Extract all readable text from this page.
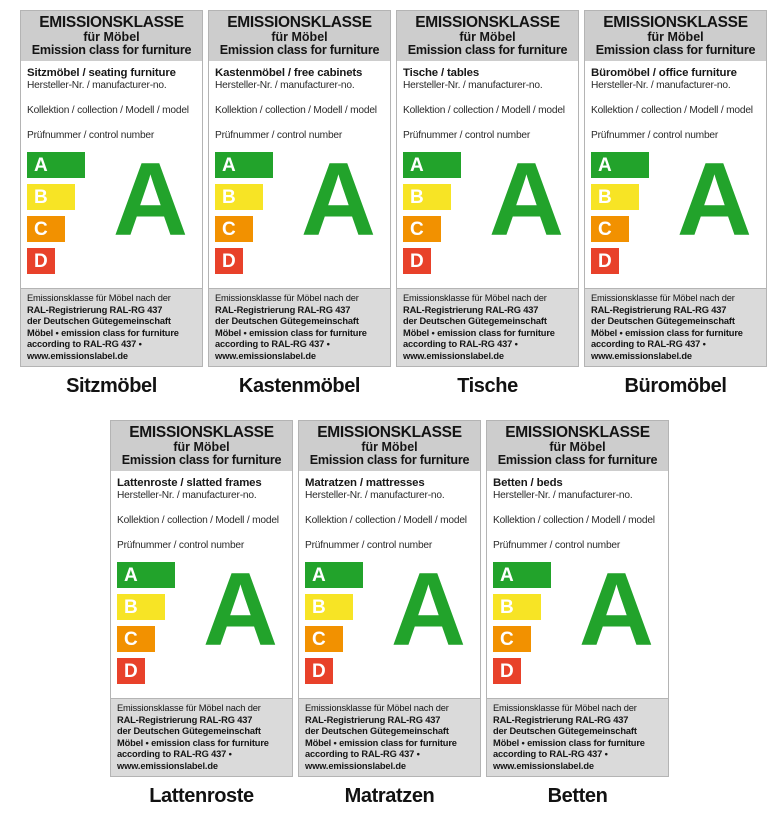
EMISSIONSKLASSE
für Möbel
Emission class for furniture
Sitzmöbel / seating furniture
Hersteller-Nr. / manufacturer-no.
Kollektion / collection / Modell / model
Prüfnummer / control number
A
B
C
D
A
Emissionsklasse für Möbel nach der
RAL-Registrierung RAL-RG 437
der Deutschen Gütegemeinschaft
Möbel • emission class for furniture
according to RAL-RG 437 •
www.emissionslabel.de
Sitzmöbel
EMISSIONSKLASSE
für Möbel
Emission class for furniture
Kastenmöbel / free cabinets
Hersteller-Nr. / manufacturer-no.
Kollektion / collection / Modell / model
Prüfnummer / control number
A
B
C
D
A
Emissionsklasse für Möbel nach der
RAL-Registrierung RAL-RG 437
der Deutschen Gütegemeinschaft
Möbel • emission class for furniture
according to RAL-RG 437 •
www.emissionslabel.de
Kastenmöbel
EMISSIONSKLASSE
für Möbel
Emission class for furniture
Tische / tables
Hersteller-Nr. / manufacturer-no.
Kollektion / collection / Modell / model
Prüfnummer / control number
A
B
C
D
A
Emissionsklasse für Möbel nach der
RAL-Registrierung RAL-RG 437
der Deutschen Gütegemeinschaft
Möbel • emission class for furniture
according to RAL-RG 437 •
www.emissionslabel.de
Tische
EMISSIONSKLASSE
für Möbel
Emission class for furniture
Büromöbel / office furniture
Hersteller-Nr. / manufacturer-no.
Kollektion / collection / Modell / model
Prüfnummer / control number
A
B
C
D
A
Emissionsklasse für Möbel nach der
RAL-Registrierung RAL-RG 437
der Deutschen Gütegemeinschaft
Möbel • emission class for furniture
according to RAL-RG 437 •
www.emissionslabel.de
Büromöbel
EMISSIONSKLASSE
für Möbel
Emission class for furniture
Lattenroste / slatted frames
Hersteller-Nr. / manufacturer-no.
Kollektion / collection / Modell / model
Prüfnummer / control number
A
B
C
D
A
Emissionsklasse für Möbel nach der
RAL-Registrierung RAL-RG 437
der Deutschen Gütegemeinschaft
Möbel • emission class for furniture
according to RAL-RG 437 •
www.emissionslabel.de
Lattenroste
EMISSIONSKLASSE
für Möbel
Emission class for furniture
Matratzen / mattresses
Hersteller-Nr. / manufacturer-no.
Kollektion / collection / Modell / model
Prüfnummer / control number
A
B
C
D
A
Emissionsklasse für Möbel nach der
RAL-Registrierung RAL-RG 437
der Deutschen Gütegemeinschaft
Möbel • emission class for furniture
according to RAL-RG 437 •
www.emissionslabel.de
Matratzen
EMISSIONSKLASSE
für Möbel
Emission class for furniture
Betten / beds
Hersteller-Nr. / manufacturer-no.
Kollektion / collection / Modell / model
Prüfnummer / control number
A
B
C
D
A
Emissionsklasse für Möbel nach der
RAL-Registrierung RAL-RG 437
der Deutschen Gütegemeinschaft
Möbel • emission class for furniture
according to RAL-RG 437 •
www.emissionslabel.de
Betten
